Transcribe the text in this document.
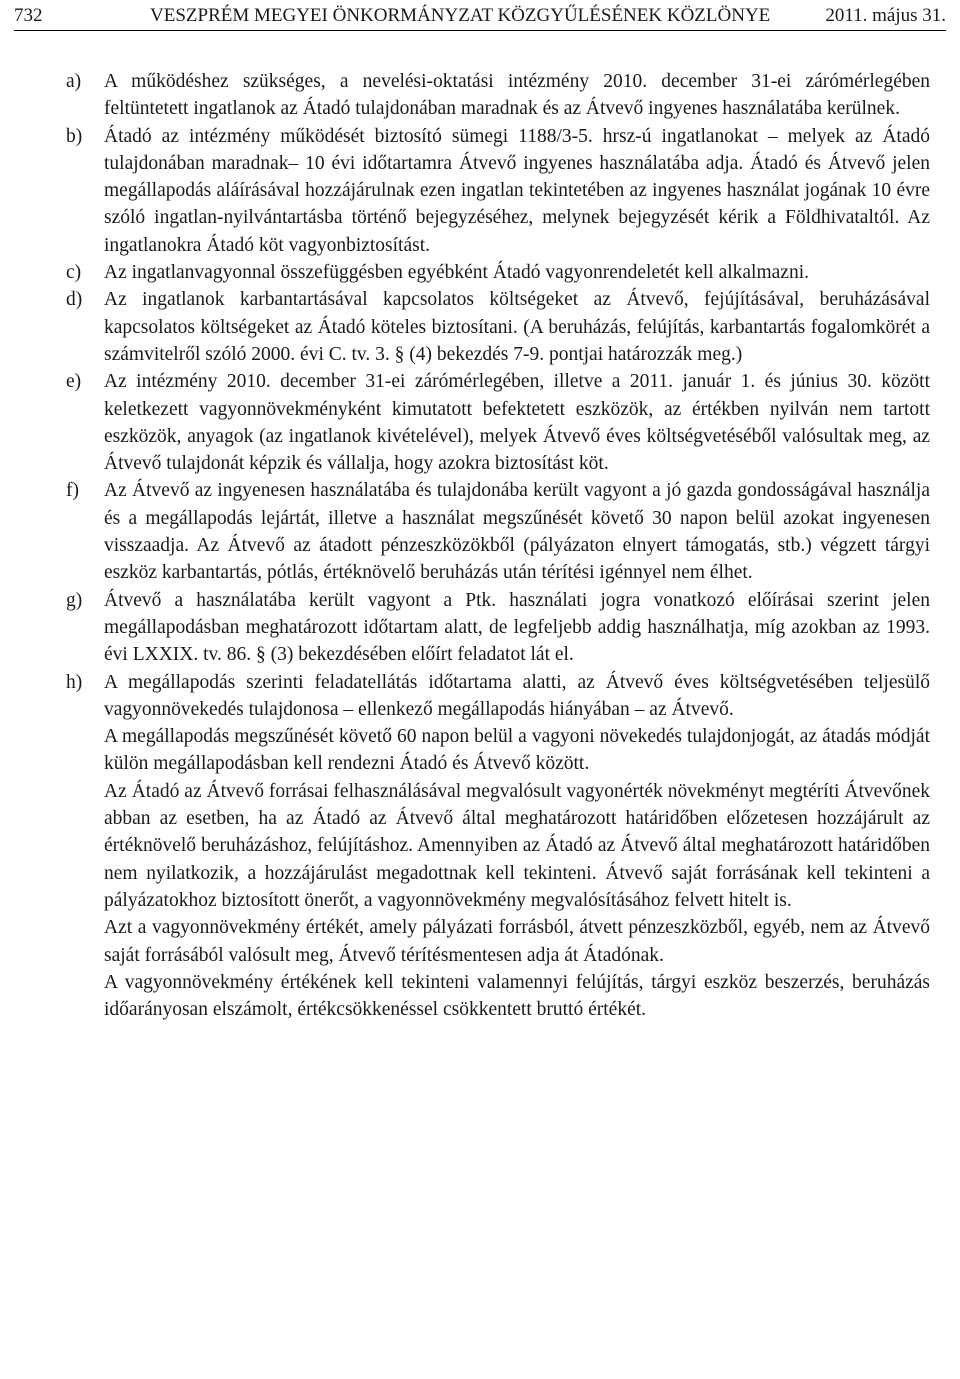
732	VESZPRÉM MEGYEI ÖNKORMÁNYZAT KÖZGYŰLÉSÉNEK KÖZLÖNYE	2011. május 31.
a) A működéshez szükséges, a nevelési-oktatási intézmény 2010. december 31-ei zárómérlegében feltüntetett ingatlanok az Átadó tulajdonában maradnak és az Átvevő ingyenes használatába kerülnek.

b) Átadó az intézmény működését biztosító sümegi 1188/3-5. hrsz-ú ingatlanokat – melyek az Átadó tulajdonában maradnak– 10 évi időtartamra Átvevő ingyenes használatába adja. Átadó és Átvevő jelen megállapodás aláírásával hozzájárulnak ezen ingatlan tekintetében az ingyenes használat jogának 10 évre szóló ingatlan-nyilvántartásba történő bejegyzéséhez, melynek bejegyzését kérik a Földhivataltól. Az ingatlanokra Átadó köt vagyonbiztosítást.

c) Az ingatlanvagyonnal összefüggésben egyébként Átadó vagyonrendeletét kell alkalmazni.

d) Az ingatlanok karbantartásával kapcsolatos költségeket az Átvevő, fejújításával, beruházásával kapcsolatos költségeket az Átadó köteles biztosítani. (A beruházás, felújítás, karbantartás fogalomkörét a számvitelről szóló 2000. évi C. tv. 3. § (4) bekezdés 7-9. pontjai határozzák meg.)

e) Az intézmény 2010. december 31-ei zárómérlegében, illetve a 2011. január 1. és június 30. között keletkezett vagyonnövekményként kimutatott befektetett eszközök, az értékben nyilván nem tartott eszközök, anyagok (az ingatlanok kivételével), melyek Átvevő éves költségvetéséből valósultak meg, az Átvevő tulajdonát képzik és vállalja, hogy azokra biztosítást köt.

f) Az Átvevő az ingyenesen használatába és tulajdonába került vagyont a jó gazda gondosságával használja és a megállapodás lejártát, illetve a használat megszűnését követő 30 napon belül azokat ingyenesen visszaadja. Az Átvevő az átadott pénzeszközökből (pályázaton elnyert támogatás, stb.) végzett tárgyi eszköz karbantartás, pótlás, értéknövelő beruházás után térítési igénnyel nem élhet.

g) Átvevő a használatába került vagyont a Ptk. használati jogra vonatkozó előírásai szerint jelen megállapodásban meghatározott időtartam alatt, de legfeljebb addig használhatja, míg azokban az 1993. évi LXXIX. tv. 86. § (3) bekezdésében előírt feladatot lát el.

h) A megállapodás szerinti feladatellátás időtartama alatti, az Átvevő éves költségvetésében teljesülő vagyonnövekedés tulajdonosa – ellenkező megállapodás hiányában – az Átvevő.

A megállapodás megszűnését követő 60 napon belül a vagyoni növekedés tulajdonjogát, az átadás módját külön megállapodásban kell rendezni Átadó és Átvevő között.

Az Átadó az Átvevő forrásai felhasználásával megvalósult vagyonérték növekményt megtéríti Átvevőnek abban az esetben, ha az Átadó az Átvevő által meghatározott határidőben előzetesen hozzájárult az értéknövelő beruházáshoz, felújításhoz. Amennyiben az Átadó az Átvevő által meghatározott határidőben nem nyilatkozik, a hozzájárulást megadottnak kell tekinteni. Átvevő saját forrásának kell tekinteni a pályázatokhoz biztosított önerőt, a vagyonnövekmény megvalósításához felvett hitelt is.

Azt a vagyonnövekmény értékét, amely pályázati forrásból, átvett pénzeszközből, egyéb, nem az Átvevő saját forrásából valósult meg, Átvevő térítésmentesen adja át Átadónak.

A vagyonnövekmény értékének kell tekinteni valamennyi felújítás, tárgyi eszköz beszerzés, beruházás időarányosan elszámolt, értékcsökkenéssel csökkentett bruttó értékét.
